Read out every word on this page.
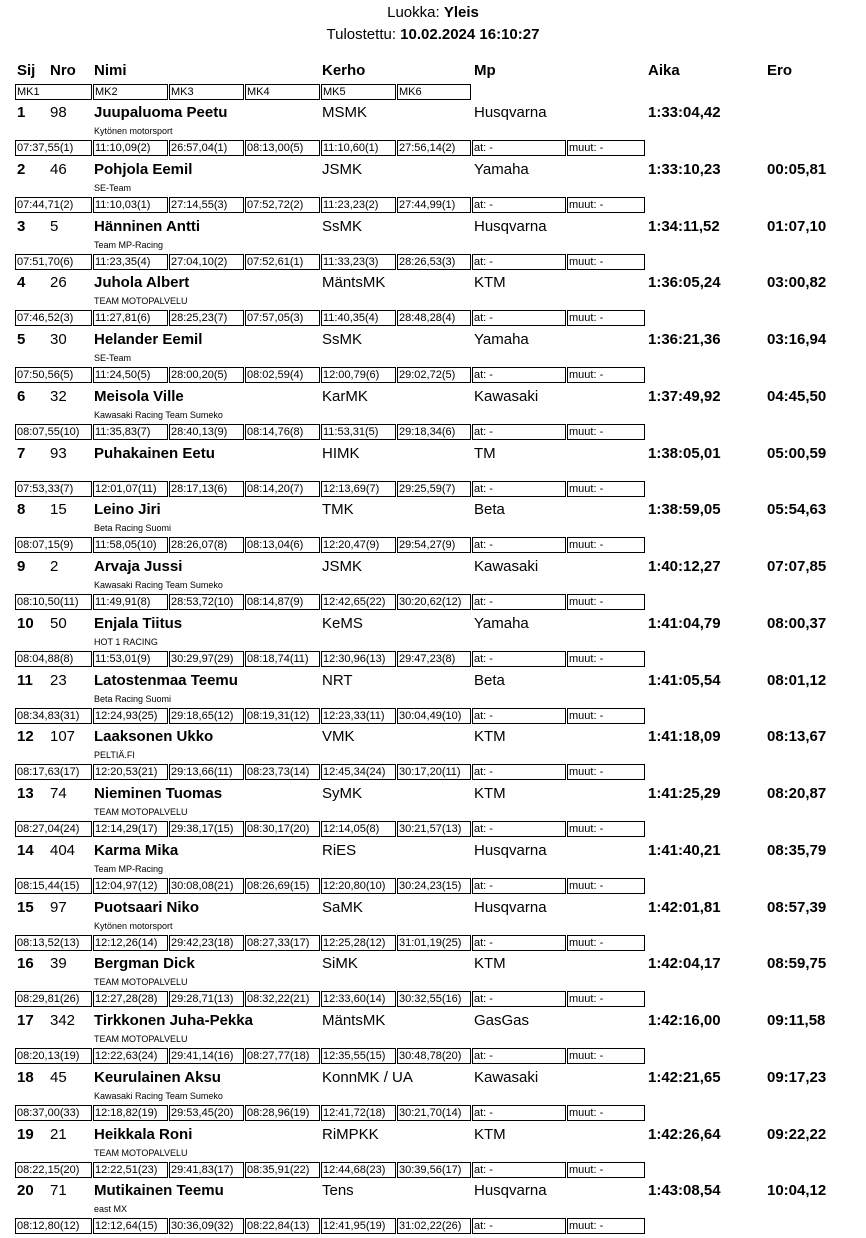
Luokka: Yleis
Tulostettu: 10.02.2024 16:10:27
Sij Nro Nimi	Kerho	Mp	Aika	Ero
MK1	MK2	MK3	MK4	MK5	MK6
1 98 Juupaluoma Peetu	MSMK	Husqvarna	1:33:04,42
Kytönen motorsport
07:37,55(1)	11:10,09(2)	26:57,04(1)	08:13,00(5)	11:10,60(1)	27:56,14(2)	at: -	muut: -
2 46 Pohjola Eemil	JSMK	Yamaha	1:33:10,23	00:05,81
SE-Team
07:44,71(2)	11:10,03(1)	27:14,55(3)	07:52,72(2)	11:23,23(2)	27:44,99(1)	at: -	muut: -
3 5 Hänninen Antti	SsMK	Husqvarna	1:34:11,52	01:07,10
Team MP-Racing
07:51,70(6)	11:23,35(4)	27:04,10(2)	07:52,61(1)	11:33,23(3)	28:26,53(3)	at: -	muut: -
4 26 Juhola Albert	MäntsMK	KTM	1:36:05,24	03:00,82
TEAM MOTOPALVELU
07:46,52(3)	11:27,81(6)	28:25,23(7)	07:57,05(3)	11:40,35(4)	28:48,28(4)	at: -	muut: -
5 30 Helander Eemil	SsMK	Yamaha	1:36:21,36	03:16,94
SE-Team
07:50,56(5)	11:24,50(5)	28:00,20(5)	08:02,59(4)	12:00,79(6)	29:02,72(5)	at: -	muut: -
6 32 Meisola Ville	KarMK	Kawasaki	1:37:49,92	04:45,50
Kawasaki Racing Team Sumeko
08:07,55(10)	11:35,83(7)	28:40,13(9)	08:14,76(8)	11:53,31(5)	29:18,34(6)	at: -	muut: -
7 93 Puhakainen Eetu	HIMK	TM	1:38:05,01	05:00,59
07:53,33(7)	12:01,07(11)	28:17,13(6)	08:14,20(7)	12:13,69(7)	29:25,59(7)	at: -	muut: -
8 15 Leino Jiri	TMK	Beta	1:38:59,05	05:54,63
Beta Racing Suomi
08:07,15(9)	11:58,05(10)	28:26,07(8)	08:13,04(6)	12:20,47(9)	29:54,27(9)	at: -	muut: -
9 2 Arvaja Jussi	JSMK	Kawasaki	1:40:12,27	07:07,85
Kawasaki Racing Team Sumeko
08:10,50(11)	11:49,91(8)	28:53,72(10)	08:14,87(9)	12:42,65(22)	30:20,62(12)	at: -	muut: -
10 50 Enjala Tiitus	KeMS	Yamaha	1:41:04,79	08:00,37
HOT 1 RACING
08:04,88(8)	11:53,01(9)	30:29,97(29)	08:18,74(11)	12:30,96(13)	29:47,23(8)	at: -	muut: -
11 23 Latostenmaa Teemu	NRT	Beta	1:41:05,54	08:01,12
Beta Racing Suomi
08:34,83(31)	12:24,93(25)	29:18,65(12)	08:19,31(12)	12:23,33(11)	30:04,49(10)	at: -	muut: -
12 107 Laaksonen Ukko	VMK	KTM	1:41:18,09	08:13,67
PELTIÄ.FI
08:17,63(17)	12:20,53(21)	29:13,66(11)	08:23,73(14)	12:45,34(24)	30:17,20(11)	at: -	muut: -
13 74 Nieminen Tuomas	SyMK	KTM	1:41:25,29	08:20,87
TEAM MOTOPALVELU
08:27,04(24)	12:14,29(17)	29:38,17(15)	08:30,17(20)	12:14,05(8)	30:21,57(13)	at: -	muut: -
14 404 Karma Mika	RiES	Husqvarna	1:41:40,21	08:35,79
Team MP-Racing
08:15,44(15)	12:04,97(12)	30:08,08(21)	08:26,69(15)	12:20,80(10)	30:24,23(15)	at: -	muut: -
15 97 Puotsaari Niko	SaMK	Husqvarna	1:42:01,81	08:57,39
Kytönen motorsport
08:13,52(13)	12:12,26(14)	29:42,23(18)	08:27,33(17)	12:25,28(12)	31:01,19(25)	at: -	muut: -
16 39 Bergman Dick	SiMK	KTM	1:42:04,17	08:59,75
TEAM MOTOPALVELU
08:29,81(26)	12:27,28(28)	29:28,71(13)	08:32,22(21)	12:33,60(14)	30:32,55(16)	at: -	muut: -
17 342 Tirkkonen Juha-Pekka	MäntsMK	GasGas	1:42:16,00	09:11,58
TEAM MOTOPALVELU
08:20,13(19)	12:22,63(24)	29:41,14(16)	08:27,77(18)	12:35,55(15)	30:48,78(20)	at: -	muut: -
18 45 Keurulainen Aksu	KonnMK / UA	Kawasaki	1:42:21,65	09:17,23
Kawasaki Racing Team Sumeko
08:37,00(33)	12:18,82(19)	29:53,45(20)	08:28,96(19)	12:41,72(18)	30:21,70(14)	at: -	muut: -
19 21 Heikkala Roni	RiMPKK	KTM	1:42:26,64	09:22,22
TEAM MOTOPALVELU
08:22,15(20)	12:22,51(23)	29:41,83(17)	08:35,91(22)	12:44,68(23)	30:39,56(17)	at: -	muut: -
20 71 Mutikainen Teemu	Tens	Husqvarna	1:43:08,54	10:04,12
east MX
08:12,80(12)	12:12,64(15)	30:36,09(32)	08:22,84(13)	12:41,95(19)	31:02,22(26)	at: -	muut: -
